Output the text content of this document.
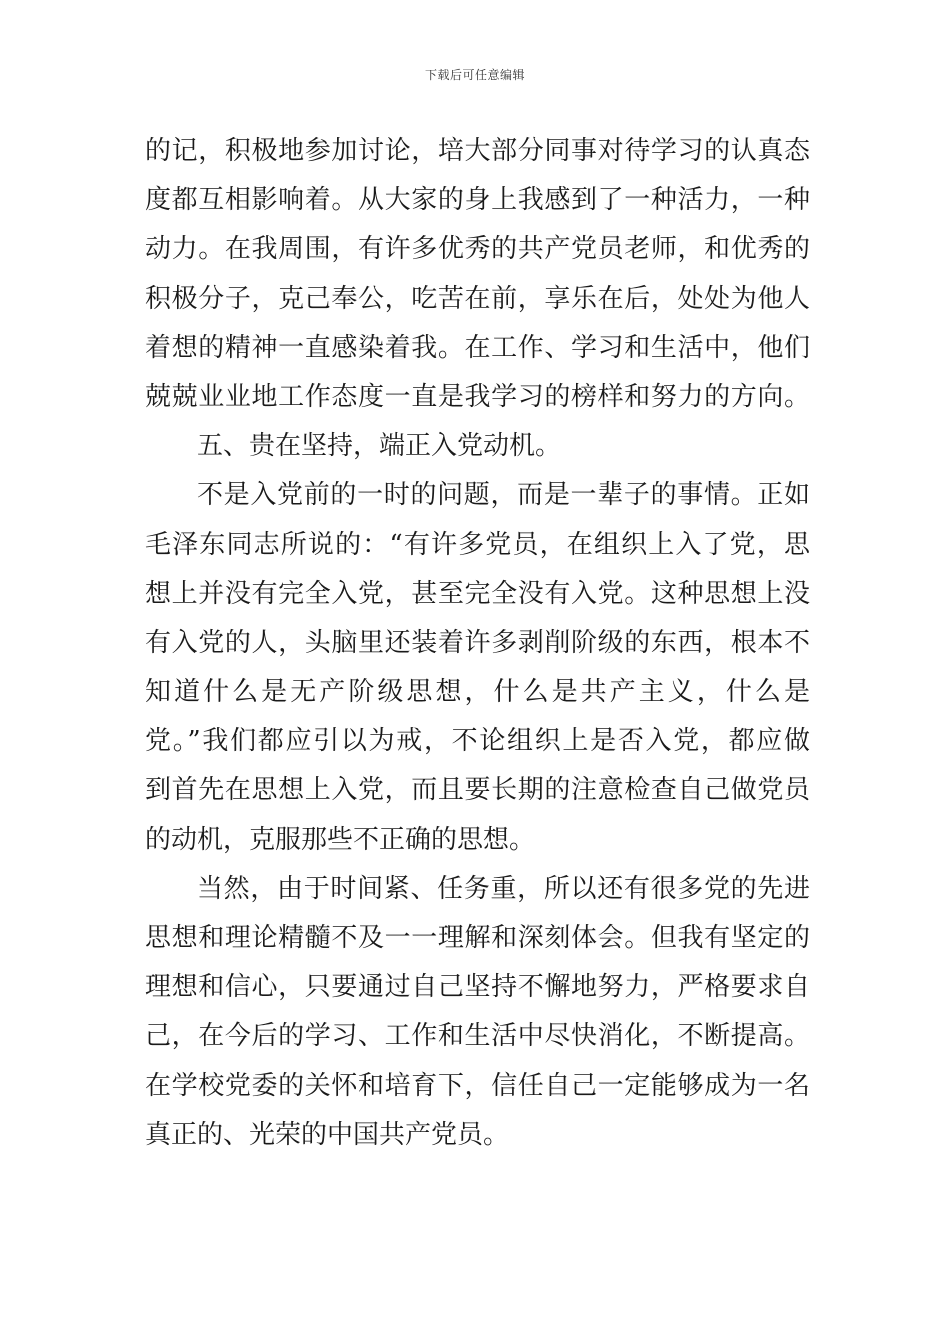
下载后可任意编辑
的记，积极地参加讨论，培大部分同事对待学习的认真态
度都互相影响着。从大家的身上我感到了一种活力，一种
动力。在我周围，有许多优秀的共产党员老师，和优秀的
积极分子，克己奉公，吃苦在前，享乐在后，处处为他人
着想的精神一直感染着我。在工作、学习和生活中，他们
兢兢业业地工作态度一直是我学习的榜样和努力的方向。
五、贵在坚持，端正入党动机。
不是入党前的一时的问题，而是一辈子的事情。正如
毛泽东同志所说的：“有许多党员，在组织上入了党，思
想上并没有完全入党，甚至完全没有入党。这种思想上没
有入党的人，头脑里还装着许多剥削阶级的东西，根本不
知道什么是无产阶级思想，什么是共产主义，什么是
党。”我们都应引以为戒，不论组织上是否入党，都应做
到首先在思想上入党，而且要长期的注意检查自己做党员
的动机，克服那些不正确的思想。
当然，由于时间紧、任务重，所以还有很多党的先进
思想和理论精髓不及一一理解和深刻体会。但我有坚定的
理想和信心，只要通过自己坚持不懈地努力，严格要求自
己，在今后的学习、工作和生活中尽快消化，不断提高。
在学校党委的关怀和培育下，信任自己一定能够成为一名
真正的、光荣的中国共产党员。
